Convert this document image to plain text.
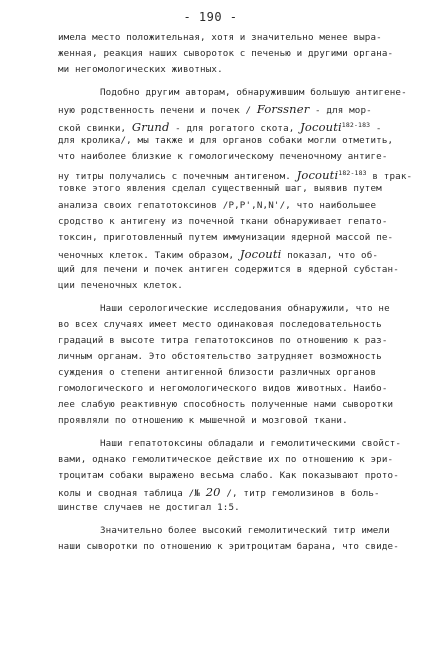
- 190 -
имела место положительная, хотя и значительно менее выра-
женная, реакция наших сывороток с печенью и другими органа-
ми негомологических животных.
Подобно другим авторам, обнаружившим большую антигене-
ную родственность печени и почек / Forssner - для мор-
ской свинки, Grund - для рогатого скота, Jocouti$^{182-183}$ -
для кролика/, мы также и для органов собаки могли отметить,
что наиболее близкие к гомологическому печеночному антиге-
ну титры получались с почечным антигеном. Jocouti$^{182-183}$ в трак-
товке этого явления сделал существенный шаг, выявив путем
анализа своих гепатотоксинов /P,P',N,N'/, что наибольшее
сродство к антигену из почечной ткани обнаруживает гепато-
токсин, приготовленный путем иммунизации ядерной массой пе-
ченочных клеток. Таким образом, Jocouti показал, что об-
щий для печени и почек антиген содержится в ядерной субстан-
ции печеночных клеток.
Наши серологические исследования обнаружили, что не
во всех случаях имеет место одинаковая последовательность
градаций в высоте титра гепатотоксинов по отношению к раз-
личным органам. Это обстоятельство затрудняет возможность
суждения о степени антигенной близости различных органов
гомологического и негомологического видов животных. Наибо-
лее слабую реактивную способность полученные нами сыворотки
проявляли по отношению к мышечной и мозговой ткани.
Наши гепатотоксины обладали и гемолитическими свойст-
вами, однако гемолитическое действие их по отношению к эри-
троцитам собаки выражено весьма слабо. Как показывают прото-
колы и сводная таблица /№ 20 /, титр гемолизинов в боль-
шинстве случаев не достигал 1:5.
Значительно более высокий гемолитический титр имели
наши сыворотки по отношению к эритроцитам барана, что свиде-
